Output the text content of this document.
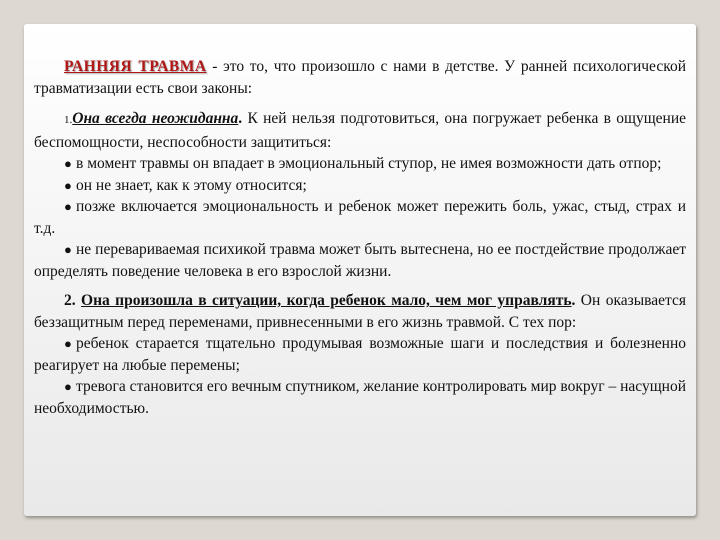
РАННЯЯ ТРАВМА - это то, что произошло с нами в детстве. У ранней психологической травматизации есть свои законы:

1.Она всегда неожиданна. К ней нельзя подготовиться, она погружает ребенка в ощущение беспомощности, неспособности защититься:

● в момент травмы он впадает в эмоциональный ступор, не имея возможности дать отпор;

● он не знает, как к этому относится;

● позже включается эмоциональность и ребенок может пережить боль, ужас, стыд, страх и т.д.

● не перевариваемая психикой травма может быть вытеснена, но ее постдействие продолжает определять поведение человека в его взрослой жизни.

2. Она произошла в ситуации, когда ребенок мало, чем мог управлять. Он оказывается беззащитным перед переменами, привнесенными в его жизнь травмой. С тех пор:

● ребенок старается тщательно продумывая возможные шаги и последствия и болезненно реагирует на любые перемены;

● тревога становится его вечным спутником, желание контролировать мир вокруг – насущной необходимостью.
